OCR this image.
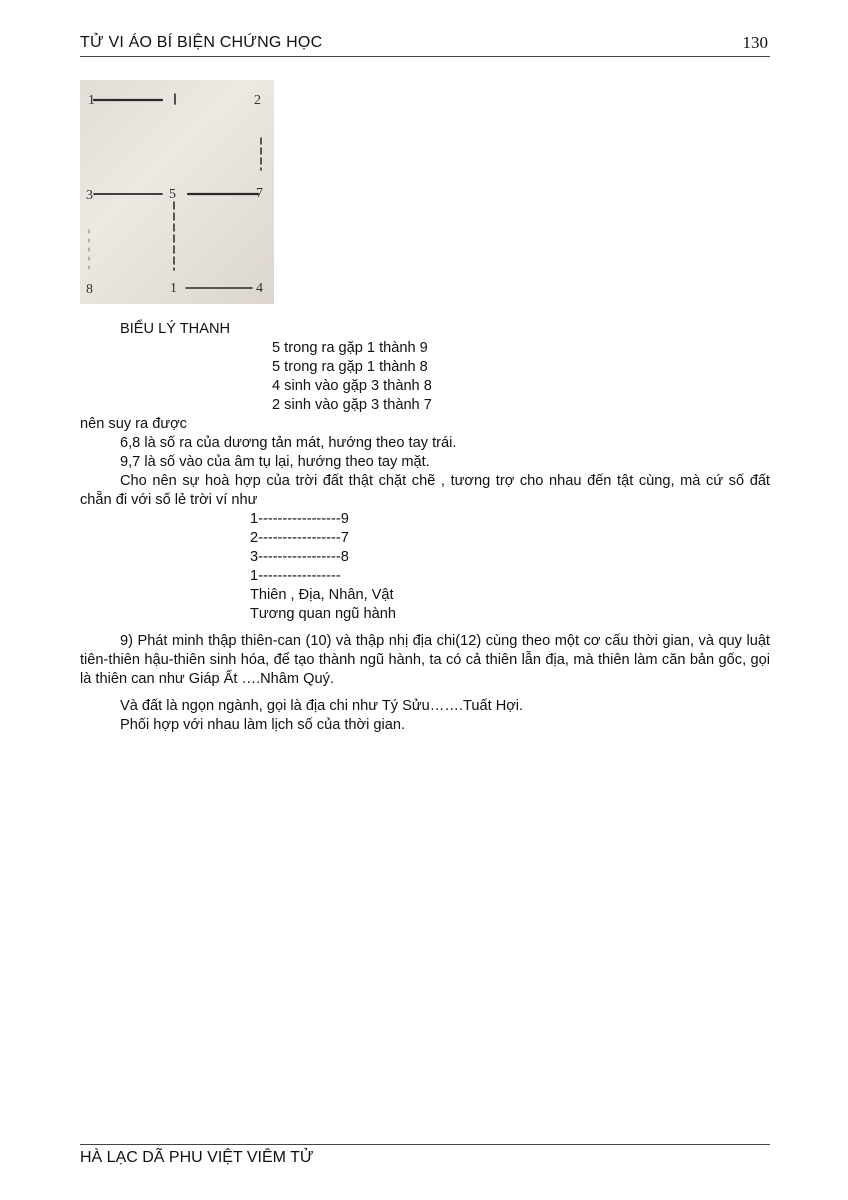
TỬ VI ÁO BÍ BIỆN CHỨNG HỌC	130
1	2
3	5	7
8	1	4
BIỂU LÝ THANH
5 trong ra gặp 1 thành 9
5 trong ra gặp 1 thành 8
4 sinh vào gặp 3 thành 8
2 sinh vào gặp 3 thành 7
nên suy ra được
6,8 là số ra của dương tản mát, hướng theo tay trái.
9,7 là số vào của âm tụ lại, hướng theo tay mặt.
Cho nên sự hoà hợp của trời đất thật chặt chẽ , tương trợ cho nhau đến tật cùng, mà cứ số đất chẵn đi với số lẻ trời ví như
1-----------------9
2-----------------7
3-----------------8
1-----------------
Thiên , Địa, Nhân, Vật
Tương quan ngũ hành
9) Phát minh thập thiên-can (10) và thập nhị địa chi(12) cùng theo một cơ cấu thời gian, và quy luật tiên-thiên hậu-thiên sinh hóa, để tạo thành ngũ hành, ta có cả thiên lẫn địa, mà thiên làm căn bản gốc, gọi là thiên can như Giáp Ất ….Nhâm Quý.
Và đất là ngọn ngành, gọi là địa chi như Tý Sửu…….Tuất Hợi.
Phối hợp với nhau làm lịch số của thời gian.
HÀ LẠC DÃ PHU VIỆT VIÊM TỬ
